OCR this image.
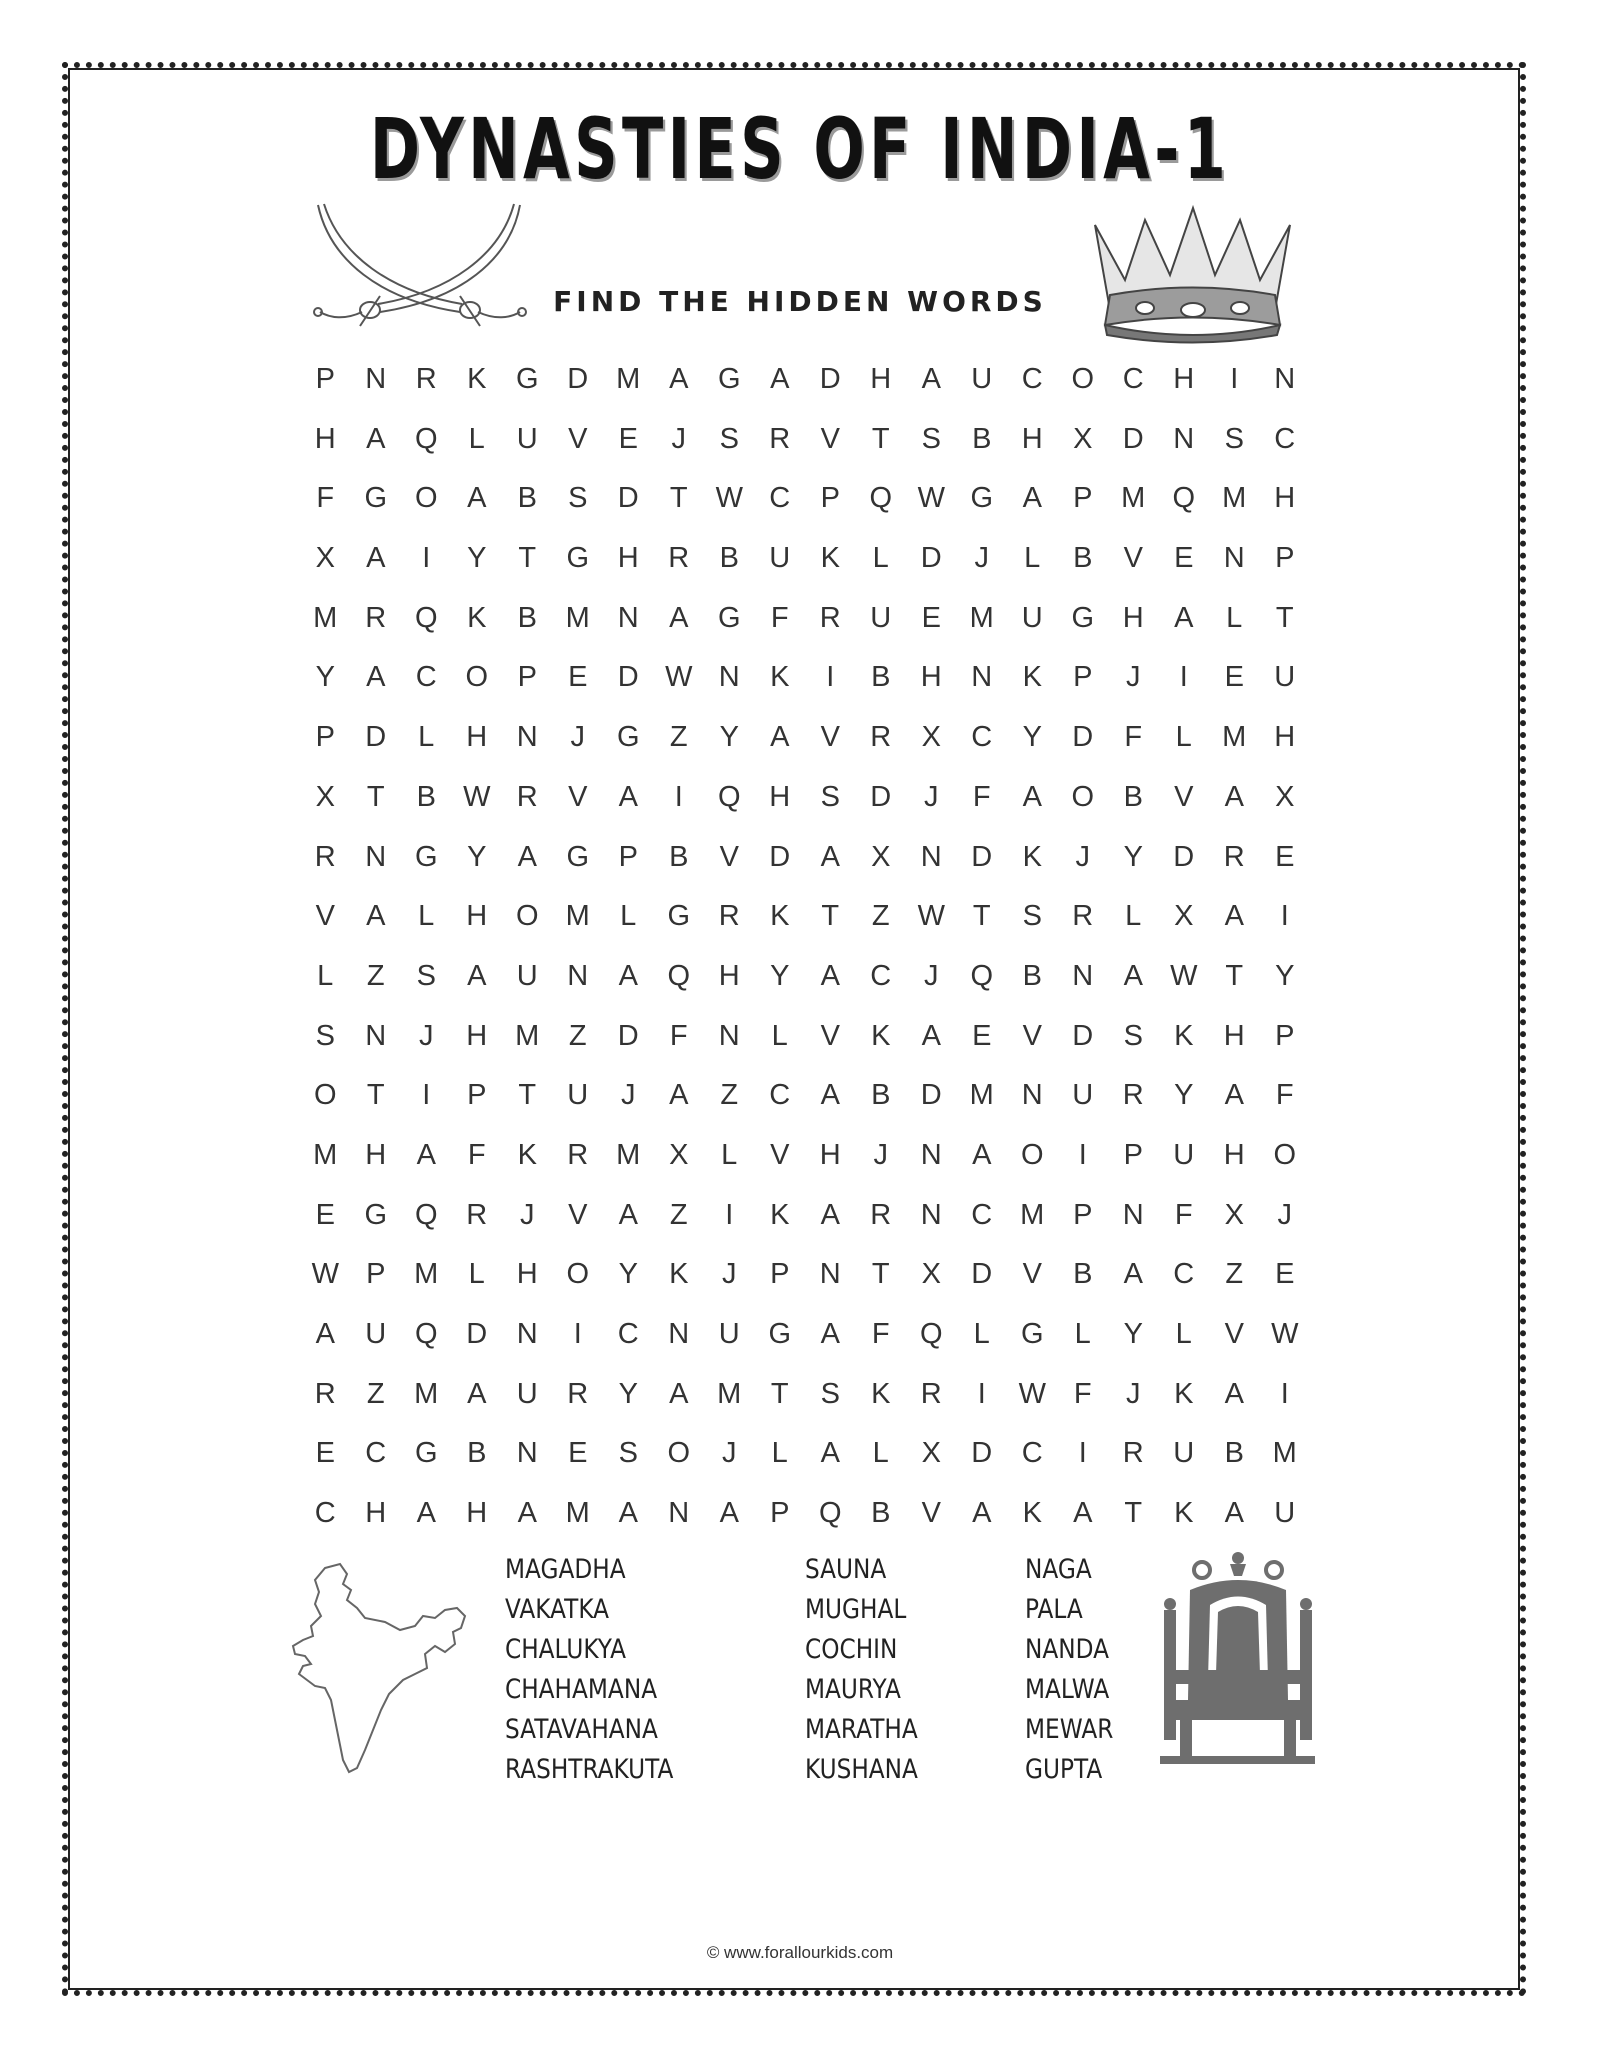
DYNASTIES OF INDIA-1
FIND THE HIDDEN WORDS
P	N	R	K	G D M A	G	A	D	H	A	U	C O C	H	I	N
H	A	Q	L	U	V	E	J	S	R	V	T	S	B	H	X	D	N	S	C
F	G O	A	B	S	D	T W C	P	Q W G	A	P M Q M H
X	A	I	Y	T	G H	R	B	U	K	L	D	J	L	B	V	E	N	P
M R Q	K	B M N	A	G	F	R	U	E M U G H	A	L	T
Y	A	C O	P	E	D W N	K	I	B	H	N	K	P	J	I	E	U
P	D	L	H	N	J	G	Z	Y	A	V	R	X	C	Y	D	F	L	M H
X	T	B W R	V	A	I	Q H	S	D	J	F	A	O	B	V	A	X
R	N G	Y	A	G	P	B	V	D	A	X	N	D	K	J	Y	D	R	E
V	A	L	H O M	L	G R	K	T	Z W T	S	R	L	X	A	I
L	Z	S	A	U	N	A	Q H	Y	A	C	J	Q	B	N	A W T	Y
S	N	J	H M	Z	D	F	N	L	V	K	A	E	V	D	S	K	H	P
O	T	I	P	T	U	J	A	Z	C	A	B	D M N	U	R	Y	A	F
M H	A	F	K	R M X	L	V	H	J	N	A	O	I	P	U	H O
E	G Q R	J	V	A	Z	I	K	A	R	N	C M P	N	F	X	J
W P M	L	H O	Y	K	J	P	N	T	X	D	V	B	A	C	Z	E
A	U Q D	N	I	C	N	U G	A	F	Q	L	G	L	Y	L	V W
R	Z	M A	U	R	Y	A M	T	S	K	R	I	W F	J	K	A	I
E	C G	B	N	E	S	O	J	L	A	L	X	D	C	I	R	U	B M
C	H	A	H	A M A	N	A	P	Q	B	V	A	K	A	T	K	A	U
MAGADHA
VAKATKA
CHALUKYA
CHAHAMANA
SATAVAHANA
RASHTRAKUTA
SAUNA
MUGHAL
COCHIN
MAURYA
MARATHA
KUSHANA
NAGA
PALA
NANDA
MALWA
MEWAR
GUPTA
© www.forallourkids.com
